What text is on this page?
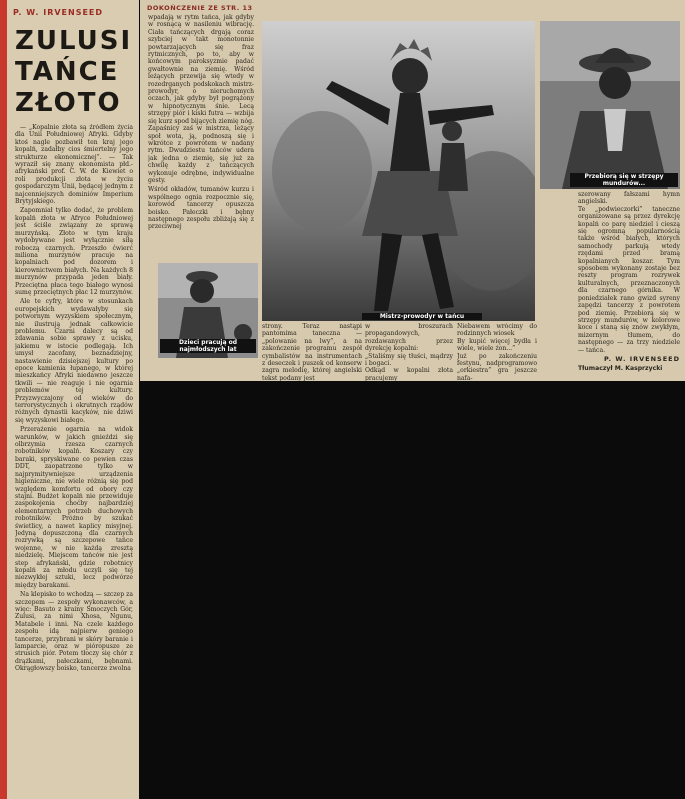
P. W. IRVENSEED
ZULUSI
TAŃCE
ZŁOTO

— „Kopalnie złota są źródłem życia dla Unii Południowej Afryki. Gdyby ktoś nagle pozbawił ten kraj jego kopalń, zadałby cios śmiertelny jego strukturze ekonomicznej”. — Tak wyraził się znany ekonomista płd.-afrykański prof. C. W. de Kiewiet o roli produkcji złota w życiu gospodarczym Unii, będącej jednym z najcenniejszych dominiów Imperium Brytyjskiego.

Zapomniał tylko dodać, że problem kopalń złota w Afryce Południowej jest ściśle związany ze sprawą murzyńską. Złoto w tym kraju wydobywane jest wyłącznie siłą roboczą czarnych. Przeszło ćwierć miliona murzynów pracuje na kopalniach pod dozorem i kierownictwem białych. Na każdych 8 murzynów przypada jeden biały. Przeciętna płaca tego białego wynosi sumę przeciętnych płac 12 murzynów.

Ale te cyfry, które w stosunkach europejskich wydawałyby się potwornym wyzyskiem społecznym, nie ilustrują jednak całkowicie problemu. Czarni dalecy są od zdawania sobie sprawy z ucisku, jakiemu w istocie podlegają. Ich umysł zacofany, beznadziejny, nastawienie dzisiejszej kultury po epoce kamienia łupanego, w której mieszkańcy Afryki niedawno jeszcze tkwili — nie reaguje i nie ogarnia problemów tej kultury. Przyzwyczajony od wieków do terrorystycznych i okrutnych rządów różnych dynastii kacyków, nie dziwi się wyzyskowi białego.

Przerażenie ogarnia na widok warunków, w jakich gnieździ się olbrzymia rzesza czarnych robotników kopalń. Koszary czy baraki, spryskiwane co pewien czas DDT, zaopatrzone tylko w najprymitywniejsze urządzenia higieniczne, nie wiele różnią się pod względem komfortu od obory czy stajni. Budżet kopalń nie przewiduje zaspokojenia choćby najbardziej elementarnych potrzeb duchowych robotników. Próżno by szukać świetlicy, a nawet kaplicy misyjnej. Jedyną dopuszczoną dla czarnych rozrywką są szczepowe tańce wojenne, w nie każdą zresztą niedzielę. Miejscem tańców nie jest step afrykański, gdzie robotnicy kopalń za młodu uczyli się tej niezwykłej sztuki, lecz podwórze między barakami.

Na klepisko to wchodzą — szczep za szczepem — zespoły wykonawców, a więc: Basuto z krainy Smoczych Gór, Zulusi, za nimi Xhosa, Ngunu, Matabele i inni. Na czele każdego zespołu idą najpierw geniego tancerze, przybrani w skóry baranie i lamparcie, oraz w pióropusze ze strusich piór. Potem tłoczy się chór z drążkami, pałeczkami, bębnami. Okrągłowszy boisko, tancerze zwolna

DOKOŃCZENIE ZE STR. 13

wpadają w rytm tańca, jak gdyby w rosnącą w nasileniu wibrację. Ciała tańczących drgają coraz szybciej w takt monotonnie powtarzających się fraz rytmicznych, po to, aby w końcowym paroksyzmie padać gwałtownie na ziemię. Wśród leżących przewija się wtedy w rozedrganych podskokach mistrz-prowodyr, o nieruchomych oczach, jak gdyby był pogrążony w hipnotycznym śnie. Lecą strzępy piór i kiski futra — wzbija się kurz spod bijących ziemię nóg. Zapaśnicy zaś w mistrza, leżący społ wota, ją, podnoszą się i wkrótce z powrotem w nadany rytm. Dwudziestu tańców udera jak jedna o ziemię, się już za chwilę każdy z tańczących wykonuje odrębne, indywidualne gesty.

Wśród okładów, tumanów kurzu i wspólnego ognia rozpocznie się, korowód tancerzy opuszcza boisko. Pałeczki i bębny następnego zespołu zbliżają się z przeciwnej

Mistrz-prowodyr w tańcu
Przebiorą się w strzępy mundurów...
Dzieci pracują od najmłodszych lat
strony. Teraz nastąpi pantomima taneczna — „polowanie na lwy”, a na zakończenie programu zespół cymbalistów na instrumentach z deseczek i puszek od konserw zagra melodię, której angielski tekst podany jest
w broszurach propagandowych, rozdawanych przez dyrekcję kopalni:
„Staliśmy się tłuści, mądrzy i bogaci.
Odkąd w kopalni złota pracujemy
Niebawem wrócimy do rodzinnych wiosek
By kupić więcej bydła i wiele, wiele żon...”
Już po zakończeniu festynu, nadprogramowo „orkiestra” gra jeszcze nafa-

szerowany fałszami hymn angielski.
Te „podwieczorki” taneczne organizowane są przez dyrekcję kopalń co parę niedziel i cieszą się ogromną popularnością także wśród białych, których samochody parkują wtedy rzędami przed bramą kopalnianych koszar. Tym sposobem wykonany zostaje bez reszty program rozrywek kulturalnych, przeznaczonych dla czarnego górnika. W poniedziałek rano gwizd syreny zapędzi tancerzy z powrotem pod ziemię. Przebiorą się w strzępy mundurów, w kolorowe koce i staną się znów zwykłym, mizernym tłumem, do następnego — za trzy niedziele — tańca.

P. W. IRVENSEED

Tłumaczył M. Kasprzycki
